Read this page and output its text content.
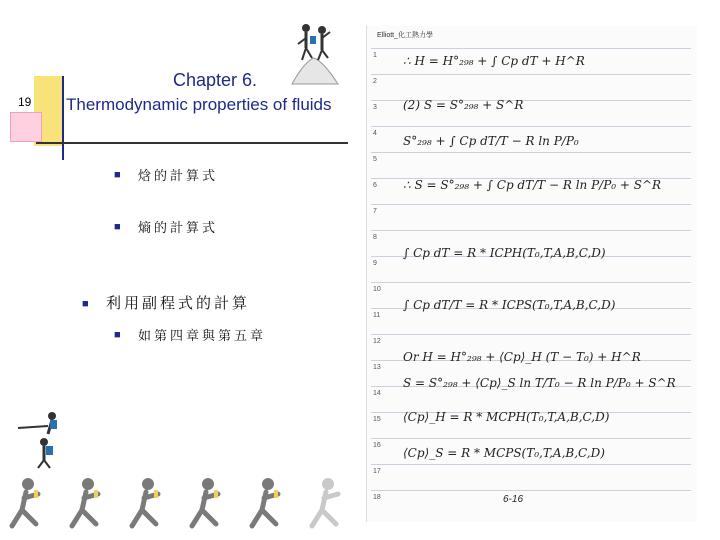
19
Chapter 6.
Thermodynamic properties of fluids
■ 焓的計算式
■ 熵的計算式
■ 利用副程式的計算
■ 如第四章與第五章
Elliott_化工熱力學
1
2
3
4
5
6
7
8
9
10
11
12
13
14
15
16
17
18
∴ H = H°₂₉₈ + ∫ Cp dT + H^R
(2) S = S°₂₉₈ + S^R
S°₂₉₈ + ∫ Cp dT/T − R ln P/P₀
∴ S = S°₂₉₈ + ∫ Cp dT/T − R ln P/P₀ + S^R
∫ Cp dT = R * ICPH(T₀,T,A,B,C,D)
∫ Cp dT/T = R * ICPS(T₀,T,A,B,C,D)
Or H = H°₂₉₈ + ⟨Cp⟩_H (T − T₀) + H^R
S = S°₂₉₈ + ⟨Cp⟩_S ln T/T₀ − R ln P/P₀ + S^R
⟨Cp⟩_H = R * MCPH(T₀,T,A,B,C,D)
⟨Cp⟩_S = R * MCPS(T₀,T,A,B,C,D)
6-16
